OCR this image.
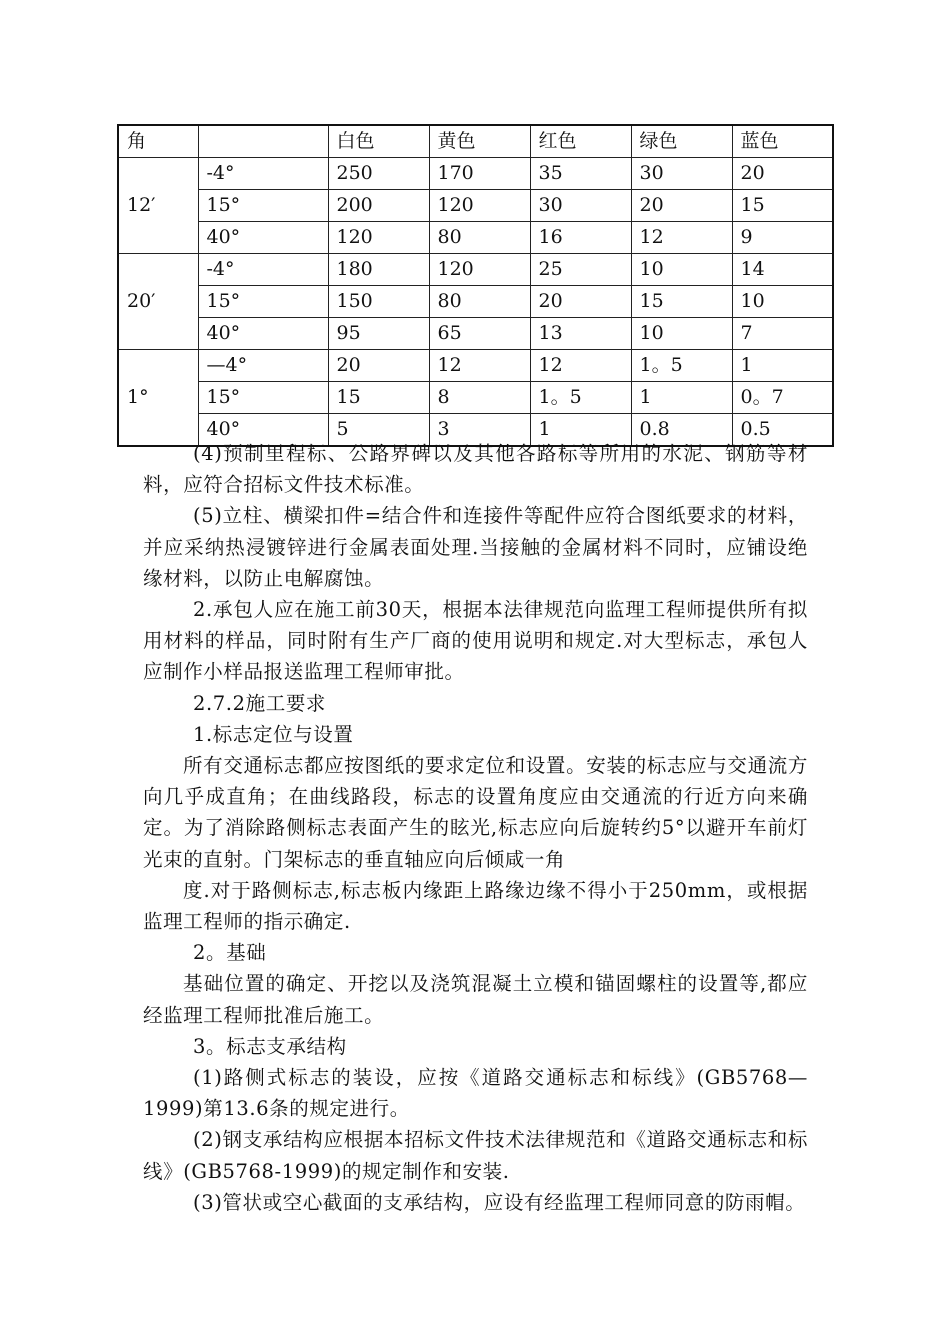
角		白色	黄色	红色	绿色	蓝色
12′	-4°	250	170	35	30	20
	15°	200	120	30	20	15
	40°	120	80	16	12	9
20′	-4°	180	120	25	10	14
	15°	150	80	20	15	10
	40°	95	65	13	10	7
1°	—4°	20	12	12	1。5	1
	15°	15	8	1。5	1	0。7
	40°	5	3	1	0.8	0.5

(4)预制里程标、公路界碑以及其他各路标等所用的水泥、钢筋等材料，应符合招标文件技术标准。

(5)立柱、横梁扣件=结合件和连接件等配件应符合图纸要求的材料，并应采纳热浸镀锌进行金属表面处理.当接触的金属材料不同时，应铺设绝缘材料，以防止电解腐蚀。

2.承包人应在施工前30天，根据本法律规范向监理工程师提供所有拟用材料的样品，同时附有生产厂商的使用说明和规定.对大型标志，承包人应制作小样品报送监理工程师审批。

2.7.2施工要求

1.标志定位与设置

所有交通标志都应按图纸的要求定位和设置。安装的标志应与交通流方向几乎成直角；在曲线路段，标志的设置角度应由交通流的行近方向来确定。为了消除路侧标志表面产生的眩光,标志应向后旋转约5°以避开车前灯光束的直射。门架标志的垂直轴应向后倾咸一角

度.对于路侧标志,标志板内缘距上路缘边缘不得小于250mm，或根据监理工程师的指示确定.

2。基础

基础位置的确定、开挖以及浇筑混凝土立模和锚固螺柱的设置等,都应经监理工程师批准后施工。

3。标志支承结构

(1)路侧式标志的装设，应按《道路交通标志和标线》(GB5768—1999)第13.6条的规定进行。

(2)钢支承结构应根据本招标文件技术法律规范和《道路交通标志和标线》(GB5768-1999)的规定制作和安装.

(3)管状或空心截面的支承结构，应设有经监理工程师同意的防雨帽。
